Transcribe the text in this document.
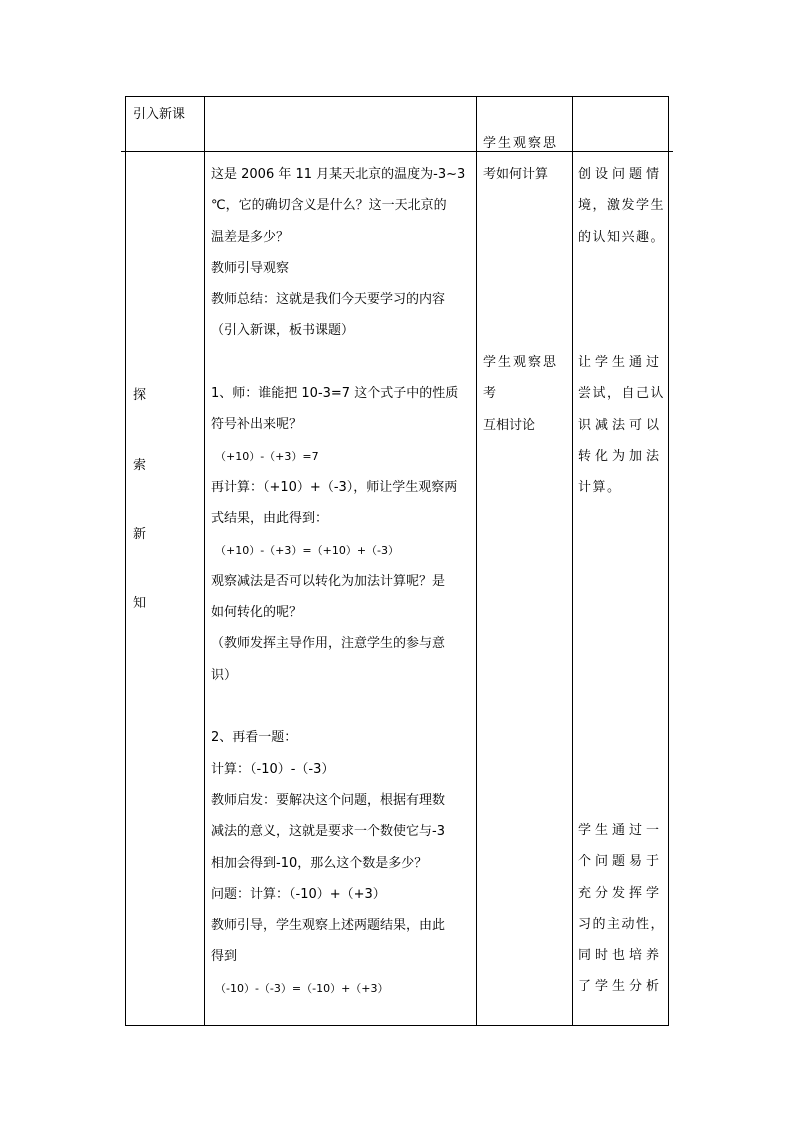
引入新课
学生观察思
探
索
新
知
这是 2006 年 11 月某天北京的温度为-3~3
℃，它的确切含义是什么？这一天北京的
温差是多少？
教师引导观察
教师总结：这就是我们今天要学习的内容
（引入新课，板书课题）
1、师：谁能把 10-3=7 这个式子中的性质
符号补出来呢？
（+10）-（+3）=7
再计算：（+10）+（-3），师让学生观察两
式结果，由此得到：
（+10）-（+3）=（+10）+（-3）
观察减法是否可以转化为加法计算呢？是
如何转化的呢？
（教师发挥主导作用，注意学生的参与意
识）
2、再看一题：
计算：（-10）-（-3）
教师启发：要解决这个问题，根据有理数
减法的意义，这就是要求一个数使它与-3
相加会得到-10，那么这个数是多少？
问题：计算：（-10）+（+3）
教师引导，学生观察上述两题结果，由此
得到
（-10）-（-3）=（-10）+（+3）
考如何计算
学生观察思
考
互相讨论
创设问题情
境，激发学生
的认知兴趣。
让学生通过
尝试，自己认
识减法可以
转化为加法
计算。
学生通过一
个问题易于
充分发挥学
习的主动性，
同时也培养
了学生分析
